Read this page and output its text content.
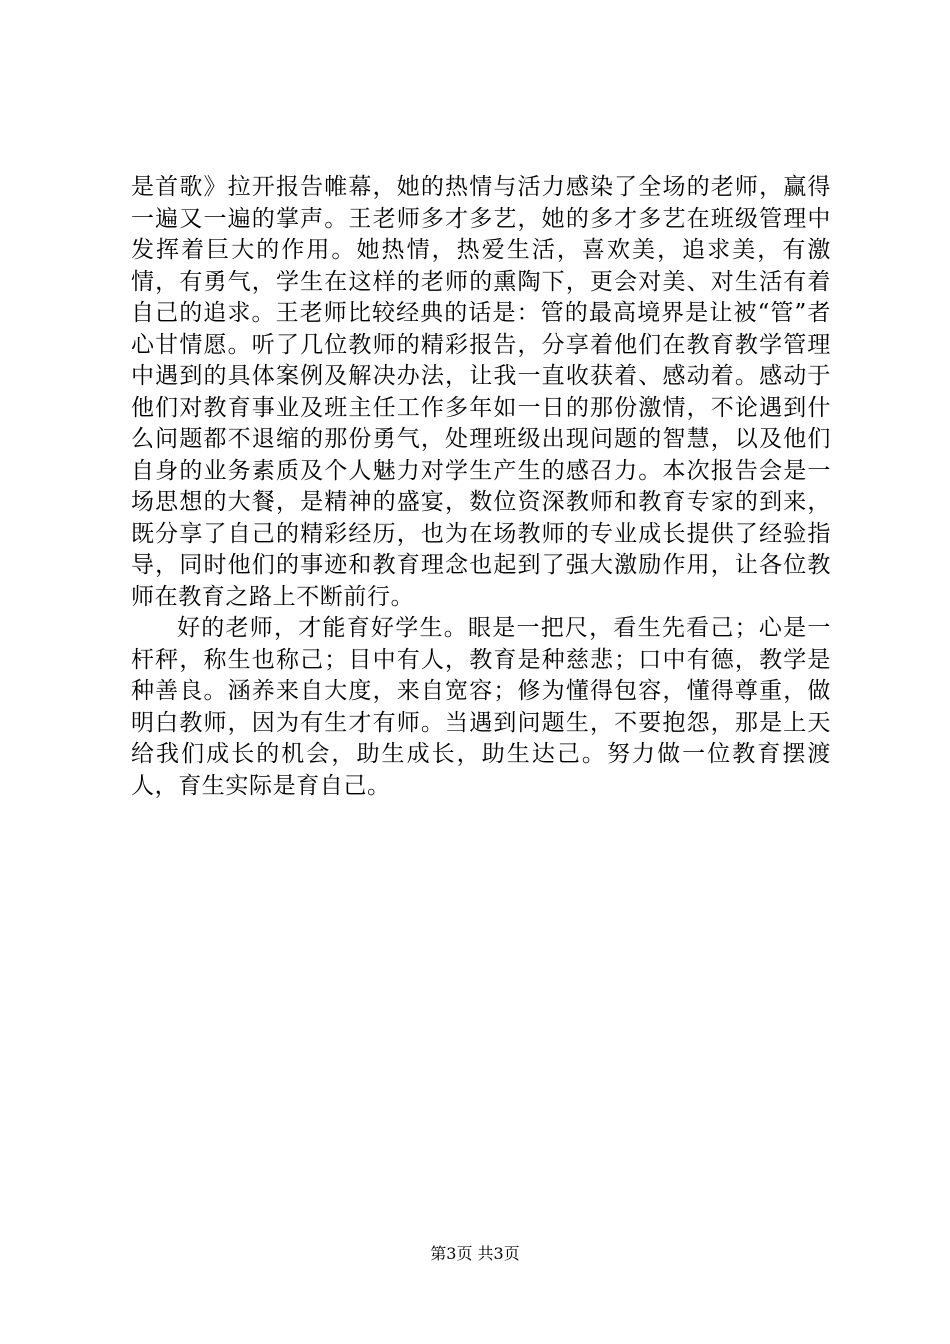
是首歌》拉开报告帷幕，她的热情与活力感染了全场的老师，赢得一遍又一遍的掌声。王老师多才多艺，她的多才多艺在班级管理中发挥着巨大的作用。她热情，热爱生活，喜欢美，追求美，有激情，有勇气，学生在这样的老师的熏陶下，更会对美、对生活有着自己的追求。王老师比较经典的话是：管的最高境界是让被“管”者心甘情愿。听了几位教师的精彩报告，分享着他们在教育教学管理中遇到的具体案例及解决办法，让我一直收获着、感动着。感动于他们对教育事业及班主任工作多年如一日的那份激情，不论遇到什么问题都不退缩的那份勇气，处理班级出现问题的智慧，以及他们自身的业务素质及个人魅力对学生产生的感召力。本次报告会是一场思想的大餐，是精神的盛宴，数位资深教师和教育专家的到来，既分享了自己的精彩经历，也为在场教师的专业成长提供了经验指导，同时他们的事迹和教育理念也起到了强大激励作用，让各位教师在教育之路上不断前行。

好的老师，才能育好学生。眼是一把尺，看生先看己；心是一杆秤，称生也称己；目中有人，教育是种慈悲；口中有德，教学是种善良。涵养来自大度，来自宽容；修为懂得包容，懂得尊重，做明白教师，因为有生才有师。当遇到问题生，不要抱怨，那是上天给我们成长的机会，助生成长，助生达己。努力做一位教育摆渡人，育生实际是育自己。

第3页 共3页
